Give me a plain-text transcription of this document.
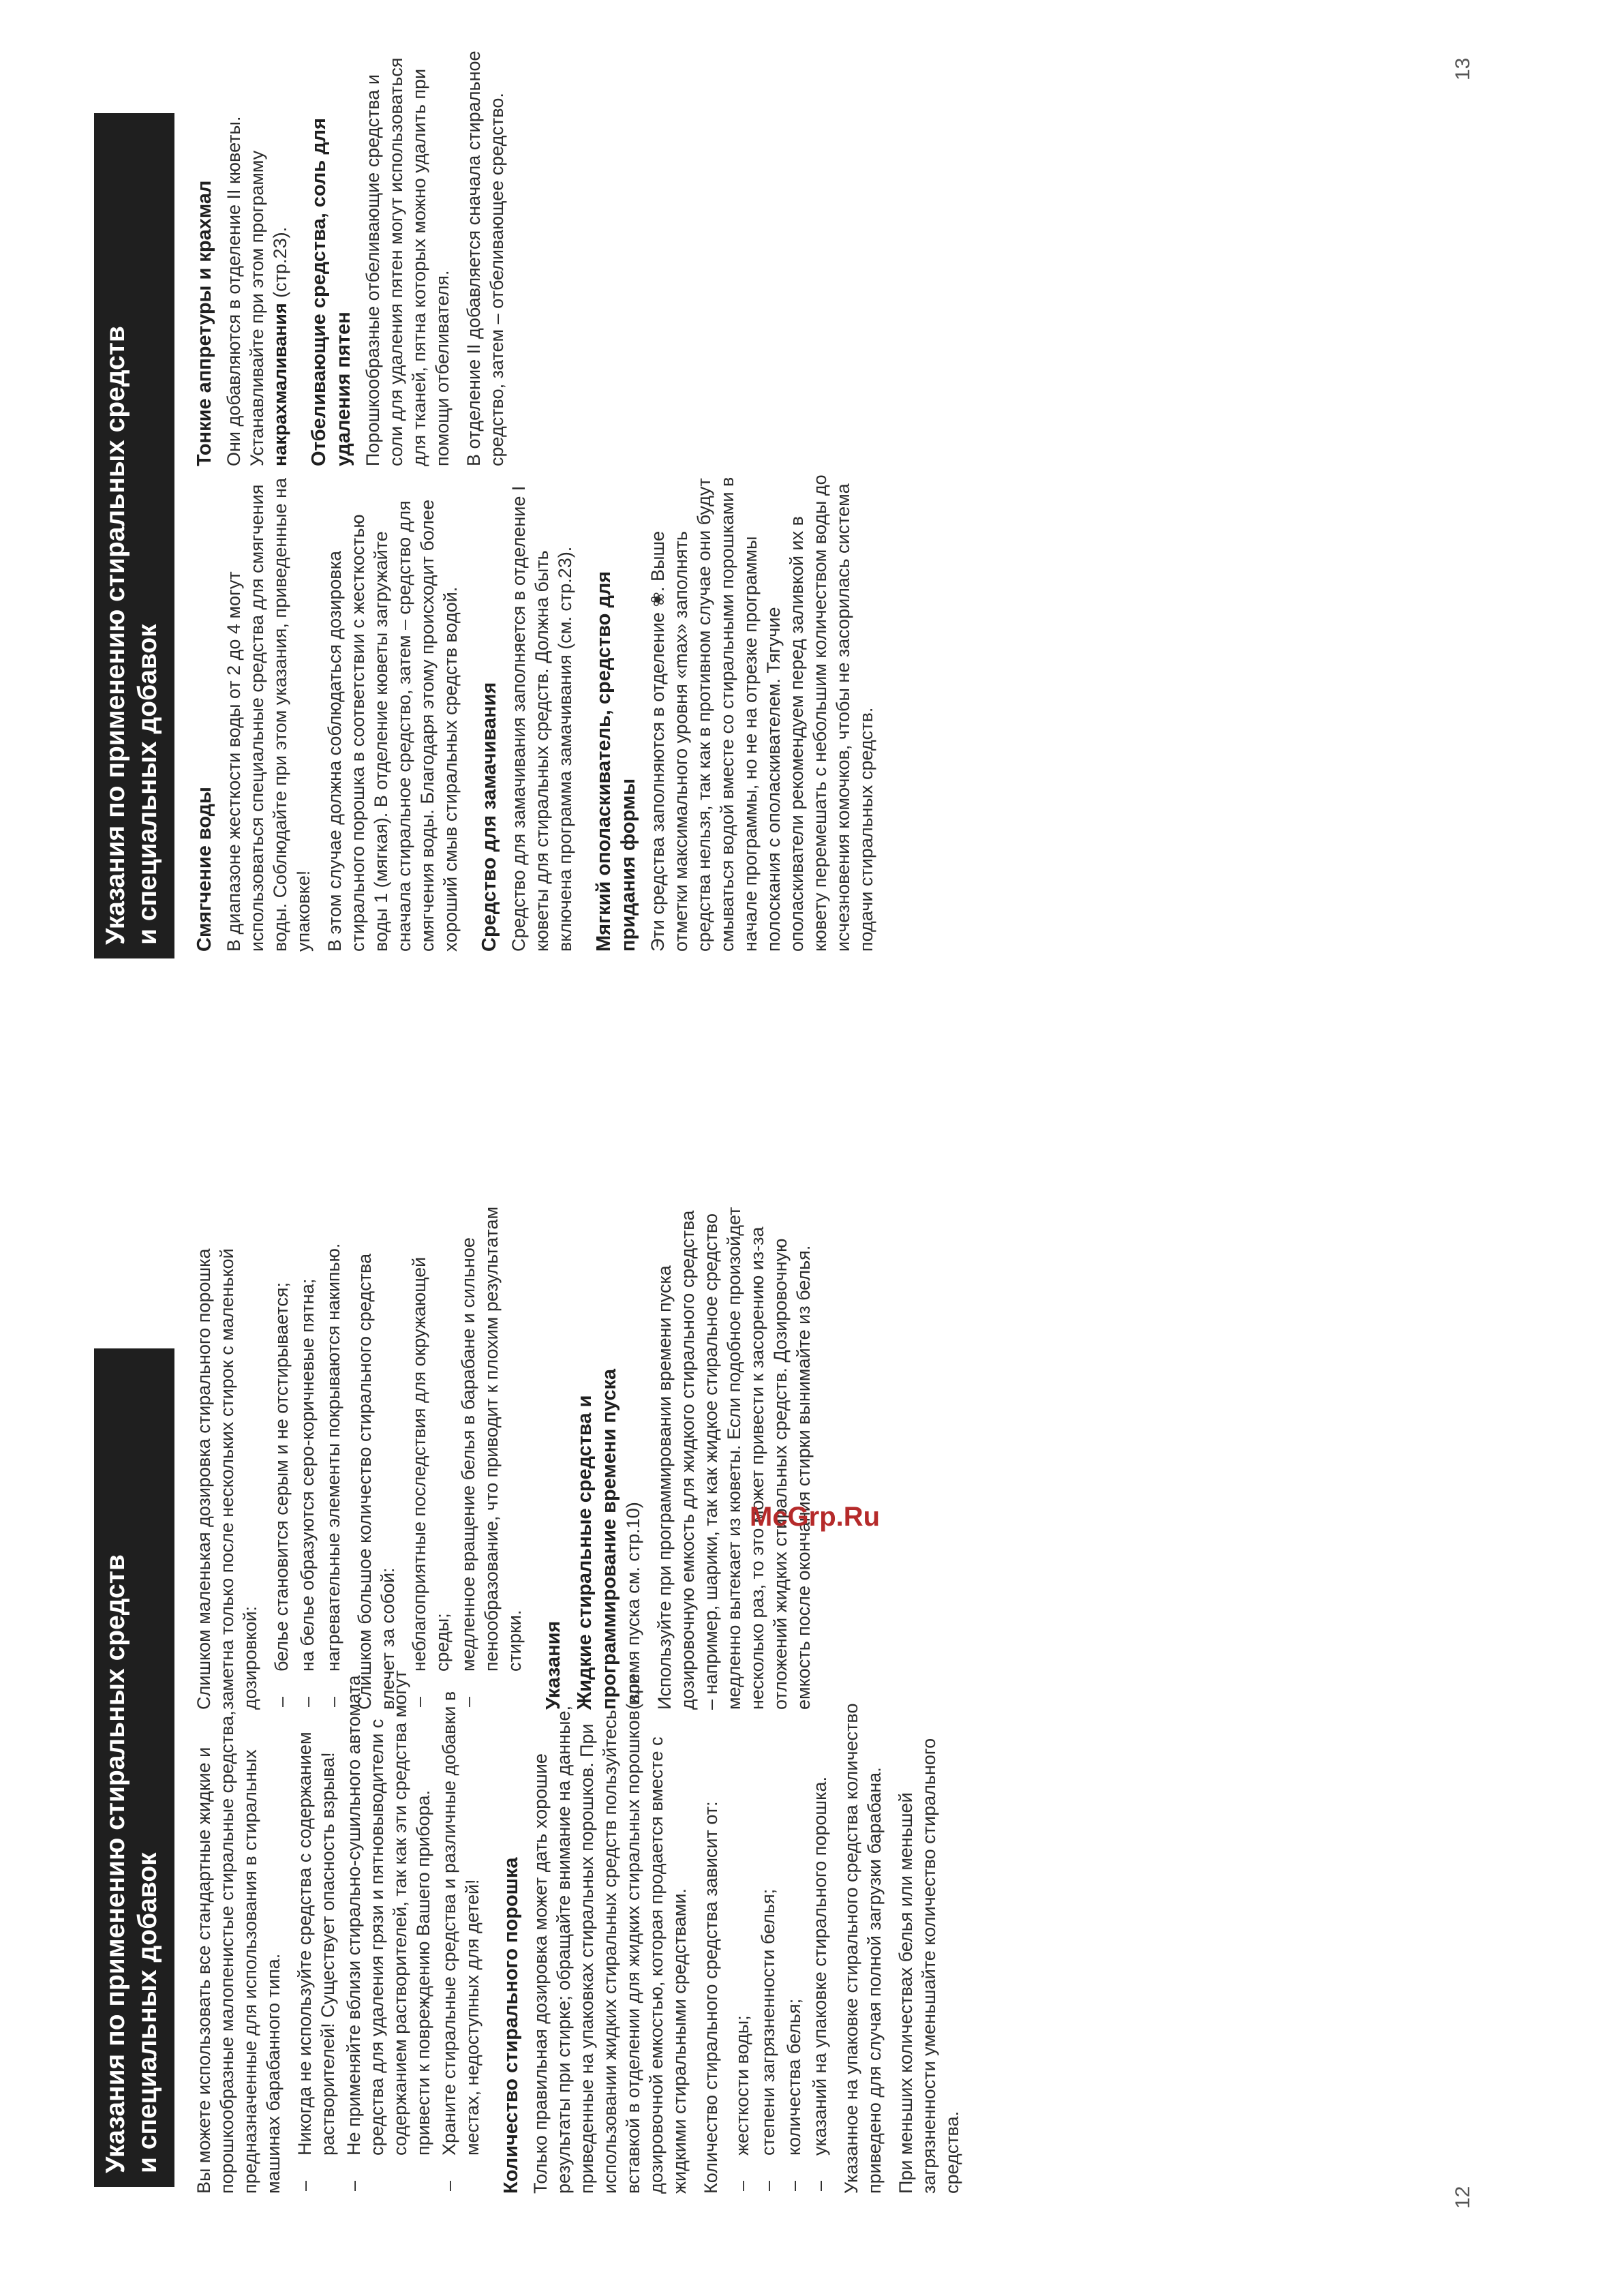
Указания по применению стиральных средств и специальных добавок Вы можете использовать все стандартные жидкие и порошкообразные малопенистые стиральные средства, предназначенные для использования в стиральных машинах барабанного типа. – Никогда не используйте средства с содержанием растворителей! Существует опасность взрыва! – Не применяйте вблизи стирально-сушильного автомата средства для удаления грязи и пятновыводители с содержанием растворителей, так как эти средства могут привести к повреждению Вашего прибора. – Храните стиральные средства и различные добавки в местах, недоступных для детей! Количество стирального порошка Только правильная дозировка может дать хорошие результаты при стирке; обращайте внимание на данные, приведенные на упаковках стиральных порошков. При использовании жидких стиральных средств пользуйтесь вставкой в отделении для жидких стиральных порошков или дозировочной емкостью, которая продается вместе с жидкими стиральными средствами. Количество стирального средства зависит от: – жесткости воды; – степени загрязненности белья; – количества белья; – указаний на упаковке стирального порошка. Указанное на упаковке стирального средства количество приведено для случая полной загрузки барабана. При меньших количествах белья или меньшей загрязненности уменьшайте количество стирального средства.

Слишком маленькая дозировка стирального порошка заметна только после нескольких стирок с маленькой дозировкой: – белье становится серым и не отстирывается; – на белье образуются серо-коричневые пятна; – нагревательные элементы покрываются накипью. Слишком большое количество стирального средства влечет за собой: – неблагоприятные последствия для окружающей среды; – медленное вращение белья в барабане и сильное пенообразование, что приводит к плохим результатам стирки. Указания Жидкие стиральные средства и программирование времени пуска (время пуска см. стр.10) Используйте при программировании времени пуска дозировочную емкость для жидкого стирального средства – например, шарики, так как жидкое стиральное средство медленно вытекает из кюветы. Если подобное произойдет несколько раз, то это может привести к засорению из-за отложений жидких стиральных средств. Дозировочную емкость после окончания стирки вынимайте из белья.

12
Указания по применению стиральных средств и специальных добавок Смягчение воды В диапазоне жесткости воды от 2 до 4 могут использоваться специальные средства для смягчения воды. Соблюдайте при этом указания, приведенные на упаковке! В этом случае должна соблюдаться дозировка стирального порошка в соответствии с жесткостью воды 1 (мягкая). В отделение кюветы загружайте сначала стиральное средство, затем – средство для смягчения воды. Благодаря этому происходит более хороший смыв стиральных средств водой. Средство для замачивания Средство для замачивания заполняется в отделение I кюветы для стиральных средств. Должна быть включена программа замачивания (см. стр.23). Мягкий ополаскиватель, средство для придания формы Эти средства заполняются в отделение ❀. Выше отметки максимального уровня «max» заполнять средства нельзя, так как в противном случае они будут смываться водой вместе со стиральными порошками в начале программы, но не на отрезке программы полоскания с ополаскивателем. Тягучие ополаскиватели рекомендуем перед заливкой их в кювету перемешать с небольшим количеством воды до исчезновения комочков, чтобы не засорилась система подачи стиральных средств.

Тонкие аппретуры и крахмал Они добавляются в отделение II кюветы. Устанавливайте при этом программу накрахмаливания (стр.23). Отбеливающие средства, соль для удаления пятен Порошкообразные отбеливающие средства и соли для удаления пятен могут использоваться для тканей, пятна которых можно удалить при помощи отбеливателя. В отделение II добавляется сначала стиральное средство, затем – отбеливающее средство.

13
McGrp.Ru
